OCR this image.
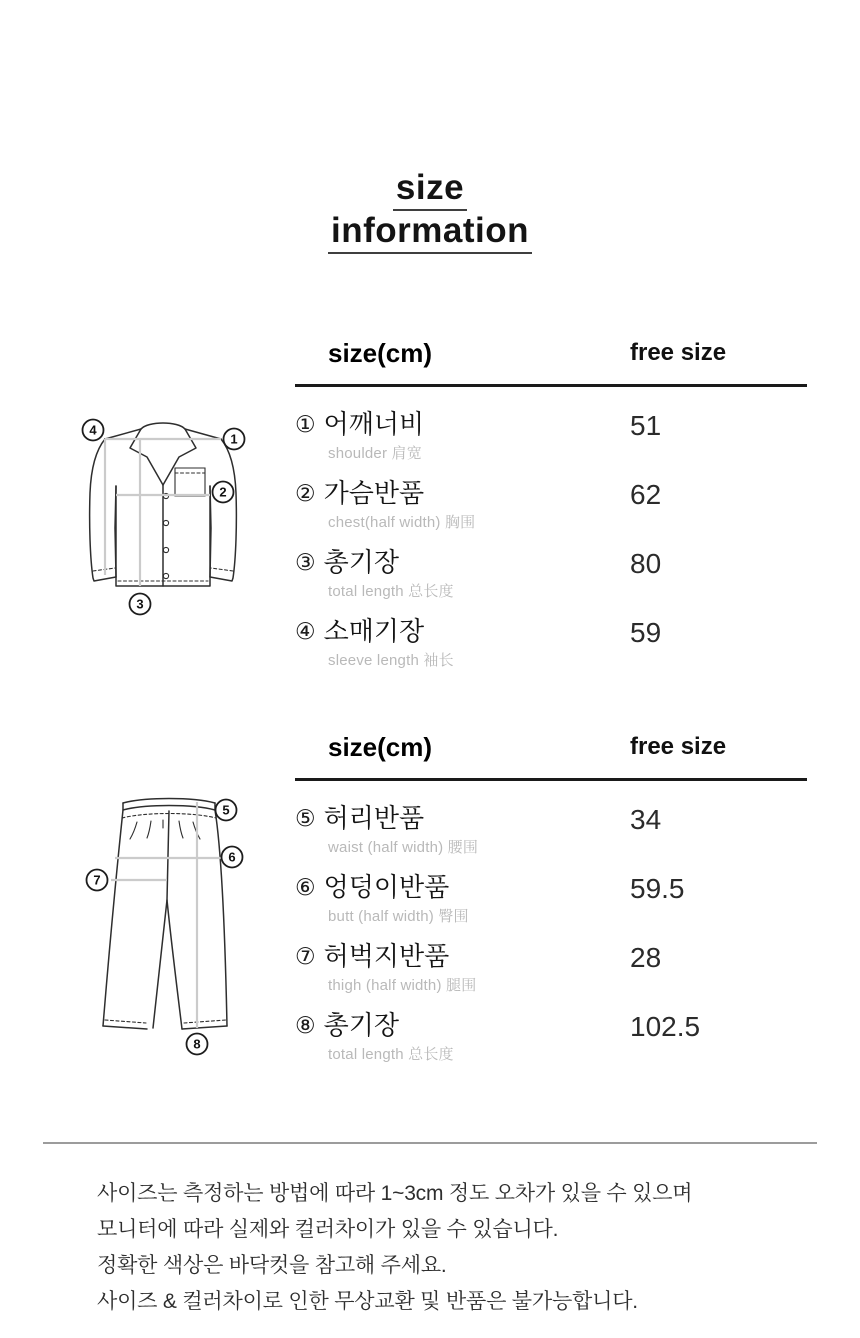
size
information
4
1
2
3
size(cm)	free size
① 어깨너비
shoulder 肩宽
51
② 가슴반품
chest(half width) 胸围
62
③ 총기장
total length 总长度
80
④ 소매기장
sleeve length 袖长
59
5
6
7
8
size(cm)	free size
⑤ 허리반품
waist (half width) 腰围
34
⑥ 엉덩이반품
butt (half width) 臀围
59.5
⑦ 허벅지반품
thigh (half width) 腿围
28
⑧ 총기장
total length 总长度
102.5
사이즈는 측정하는 방법에 따라 1~3cm 정도 오차가 있을 수 있으며
모니터에 따라 실제와 컬러차이가 있을 수 있습니다.
정확한 색상은 바닥컷을 참고해 주세요.
사이즈 & 컬러차이로 인한 무상교환 및 반품은 불가능합니다.
